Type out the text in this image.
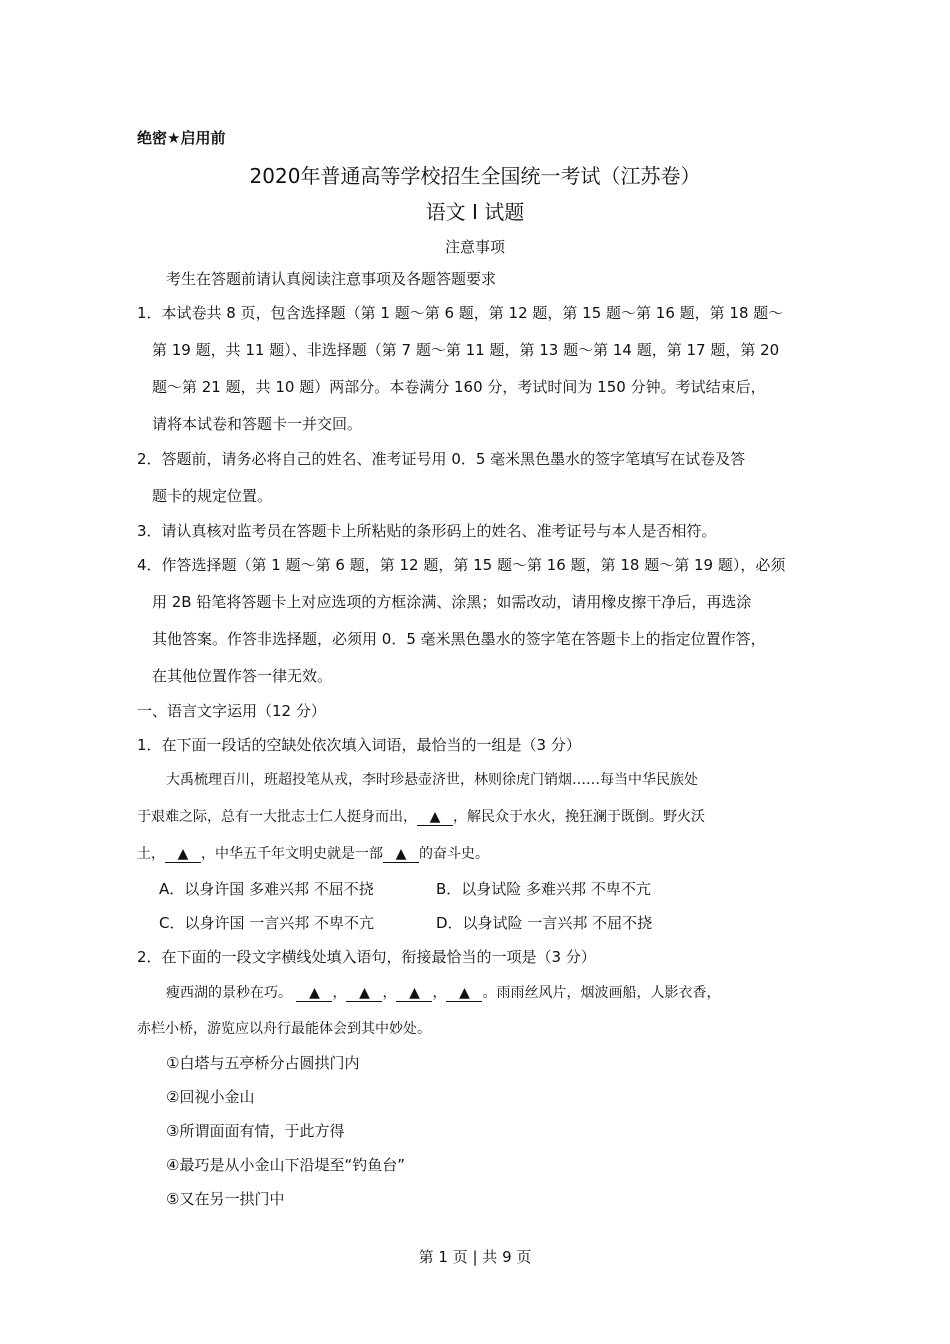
绝密★启用前
2020年普通高等学校招生全国统一考试（江苏卷）
语文 I 试题
注意事项
考生在答题前请认真阅读注意事项及各题答题要求
1．本试卷共 8 页，包含选择题（第 1 题～第 6 题，第 12 题，第 15 题～第 16 题，第 18 题～
第 19 题，共 11 题）、非选择题（第 7 题～第 11 题，第 13 题～第 14 题，第 17 题，第 20
题～第 21 题，共 10 题）两部分。本卷满分 160 分，考试时间为 150 分钟。考试结束后，
请将本试卷和答题卡一并交回。
2．答题前，请务必将自己的姓名、准考证号用 0．5 毫米黑色墨水的签字笔填写在试卷及答
题卡的规定位置。
3．请认真核对监考员在答题卡上所粘贴的条形码上的姓名、准考证号与本人是否相符。
4．作答选择题（第 1 题～第 6 题，第 12 题，第 15 题～第 16 题，第 18 题～第 19 题），必须
用 2B 铅笔将答题卡上对应选项的方框涂满、涂黑；如需改动，请用橡皮擦干净后，再选涂
其他答案。作答非选择题，必须用 0．5 毫米黑色墨水的签字笔在答题卡上的指定位置作答，
在其他位置作答一律无效。
一、语言文字运用（12 分）
1．在下面一段话的空缺处依次填入词语，最恰当的一组是（3 分）
大禹梳理百川，班超投笔从戎，李时珍悬壶济世，林则徐虎门销烟……每当中华民族处
于艰难之际，总有一大批志士仁人挺身而出， ▲ ，解民众于水火，挽狂澜于既倒。野火沃
土， ▲ ，中华五千年文明史就是一部 ▲ 的奋斗史。
A．以身许国 多难兴邦 不屈不挠	B．以身试险 多难兴邦 不卑不亢
C．以身许国 一言兴邦 不卑不亢	D．以身试险 一言兴邦 不屈不挠
2．在下面的一段文字横线处填入语句，衔接最恰当的一项是（3 分）
瘦西湖的景秒在巧。 ▲ ， ▲ ， ▲ ， ▲ 。雨雨丝风片，烟波画船，人影衣香，
赤栏小桥，游览应以舟行最能体会到其中妙处。
①白塔与五亭桥分占圆拱门内
②回视小金山
③所谓面面有情，于此方得
④最巧是从小金山下沿堤至“钓鱼台”
⑤又在另一拱门中
第 1 页 | 共 9 页
